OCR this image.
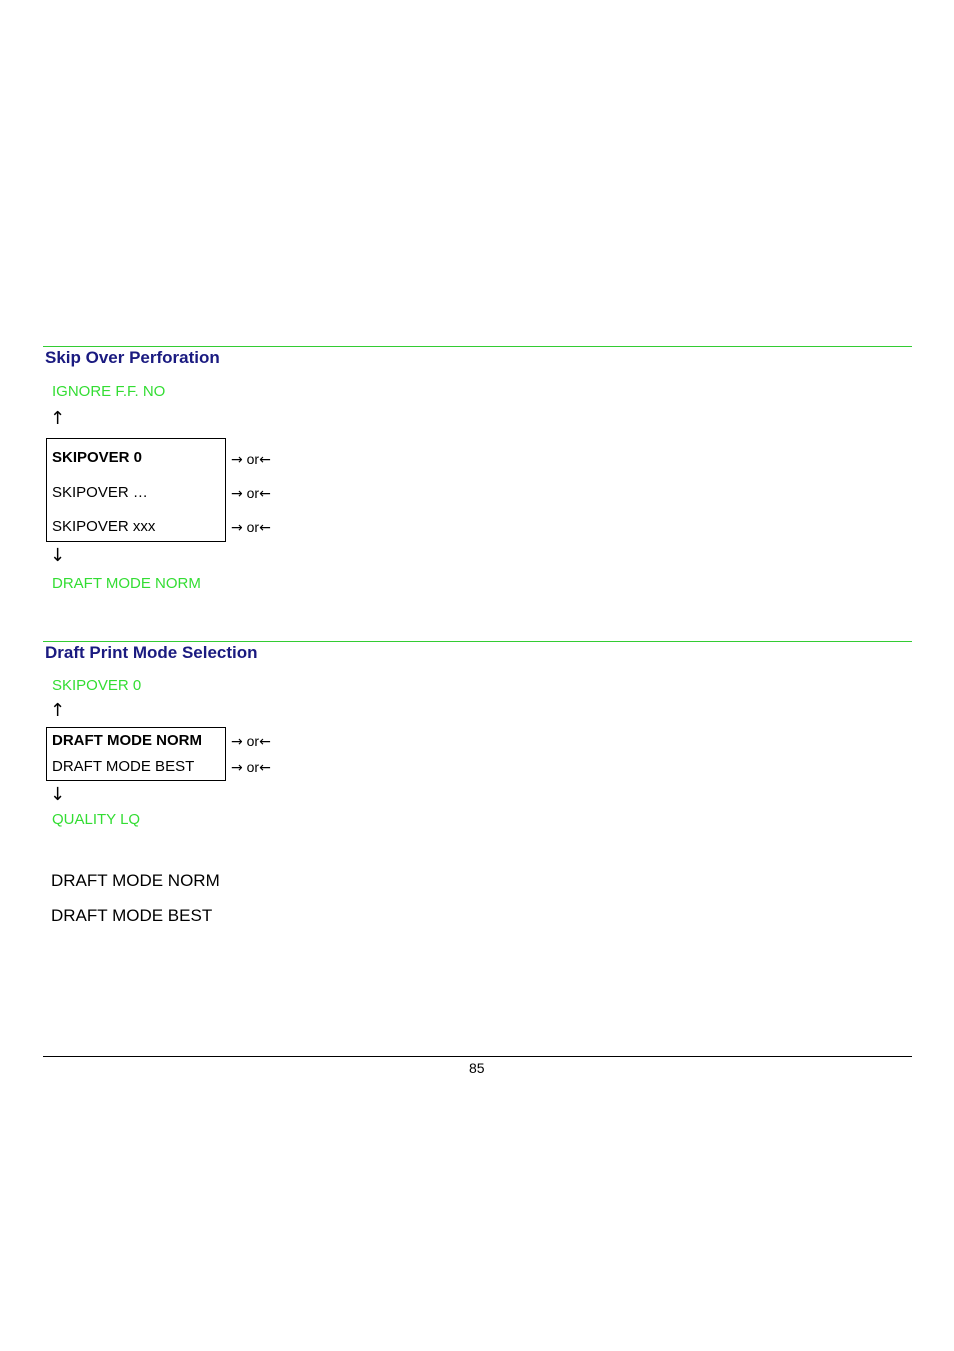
Skip Over Perforation
IGNORE F.F. NO
↑
SKIPOVER 0
SKIPOVER …
SKIPOVER xxx
→ or←
→ or←
→ or←
↓
DRAFT MODE NORM
Draft Print Mode Selection
SKIPOVER 0
↑
DRAFT MODE NORM
DRAFT MODE BEST
→ or←
→ or←
↓
QUALITY LQ
DRAFT MODE NORM
DRAFT MODE BEST
85
